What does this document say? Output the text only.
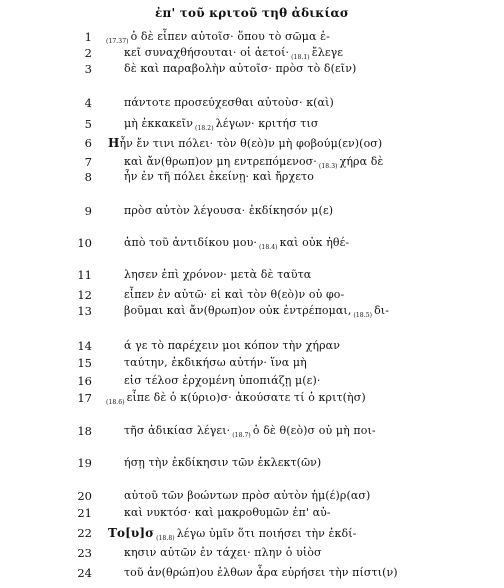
ἐπ' τοῦ κριτοῦ τηθ ἀδικίασ
1	$_{(17.37)}$ ὁ δὲ εἶπεν αὐτοῖσ· ὅπου τὸ σῶμα ἐ-
2	κεῖ συναχθήσουται· οἱ ἀετοί· $_{(18.1)}$ ἔλεγε
3	δὲ καὶ παραβολὴν αὐτοῖσ· πρὸσ τὸ δ(εῖν)
4	πάντοτε προσεύχεσθαι αὐτοὺσ· κ(αὶ)
5	μὴ ἐκκακεῖν $_{(18.2)}$ λέγων· κριτήσ τισ
6 Ηἦν ἔν τινι πόλει· τὸν θ(εὸ)ν μὴ φοβούμ(εν)(οσ)
7	καὶ ἄν(θρωπ)ον μη εντρεπόμενοσ· $_{(18.3)}$ χήρα δὲ
8	ἦν ἐν τῆ πόλει ἐκείνῃ· καὶ ἤρχετο
9	πρὸσ αὐτὸν λέγουσα· ἐκδίκησόν μ(ε)
10	ἀπὸ τοῦ ἀντιδίκου μου· $_{(18.4)}$ καὶ οὐκ ἠθέ-
11	λησεν ἐπὶ χρόνον· μετὰ δὲ ταῦτα
12	εἶπεν ἐν αὐτῶ· εἰ καὶ τὸν θ(εὸ)ν οὐ φο-
13	βοῦμαι καὶ ἄν(θρωπ)ον οὐκ ἐντρέπομαι, $_{(18.5)}$ δι-
14	ά γε τὸ παρέχειν μοι κόπον τὴν χήραν
15	ταύτην, ἐκδικήσω αὐτήν· ἵνα μὴ
16	εἰσ τέλοσ ἐρχομένη ὑποπιάζῃ μ(ε)·
17	$_{(18.6)}$ εἶπε δὲ ὁ κ(ύριο)σ· ἀκούσατε τί ὁ κριτ(ὴσ)
18	τῆσ ἀδικίασ λέγει· $_{(18.7)}$ ὁ δὲ θ(εὸ)σ οὐ μὴ ποι-
19	ήσῃ τὴν ἐκδίκησιν τῶν ἐκλεκτ(ῶν)
20	αὐτοῦ τῶν βοώντων πρὸσ αὐτὸν ἡμ(έ)ρ(ασ)
21	καὶ νυκτόσ· καὶ μακροθυμῶν ἐπ' αὐ-
22 Το[υ]σ $_{(18.8)}$ λέγω ὑμῖν ὅτι ποιήσει τὴν ἐκδί-
23	κησιν αὐτῶν ἐν τάχει· πλην ὁ υἱὸσ
24	τοῦ ἀν(θρώπ)ου ἐλθων ἆρα εὑρήσει τὴν πίστι(ν)
